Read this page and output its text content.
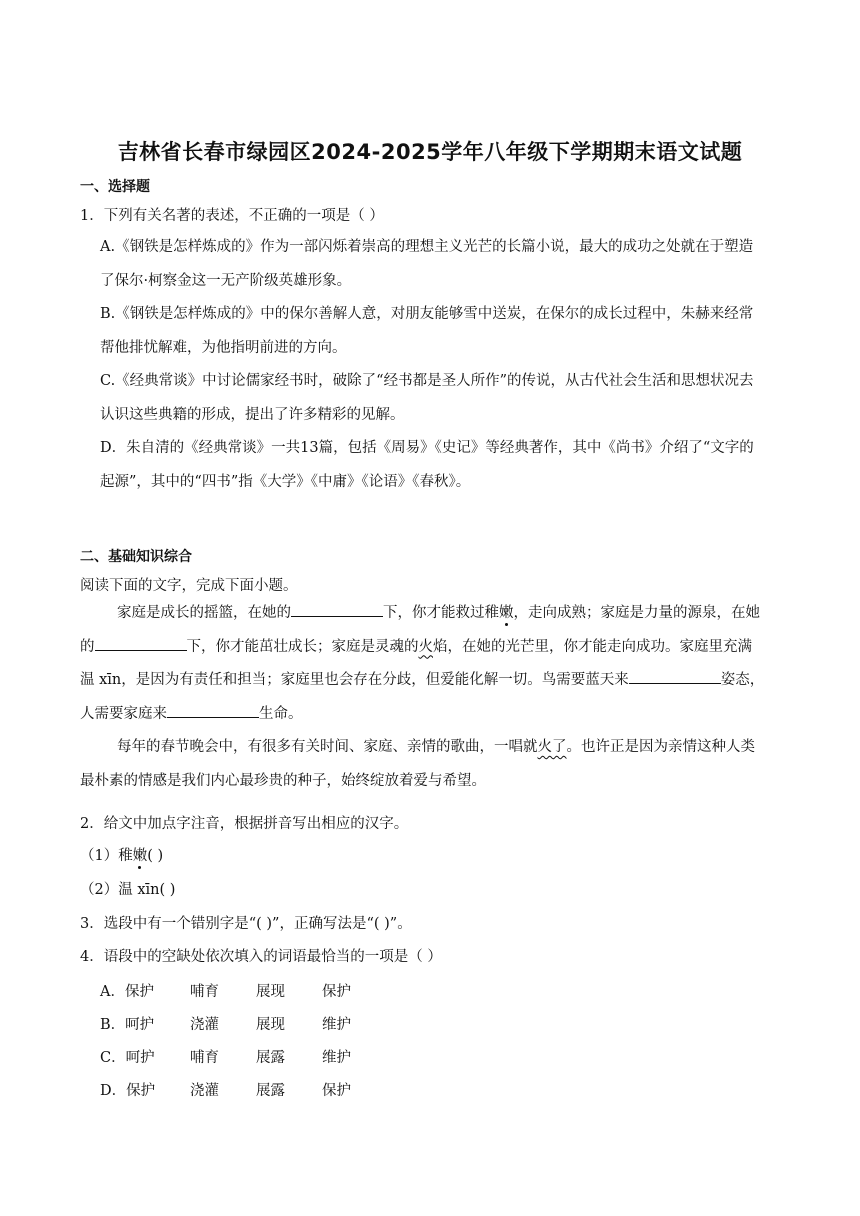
吉林省长春市绿园区2024-2025学年八年级下学期期末语文试题
一、选择题
1．下列有关名著的表述，不正确的一项是（ ）

A.《钢铁是怎样炼成的》作为一部闪烁着崇高的理想主义光芒的长篇小说，最大的成功之处就在于塑造

了保尔·柯察金这一无产阶级英雄形象。

B.《钢铁是怎样炼成的》中的保尔善解人意，对朋友能够雪中送炭，在保尔的成长过程中，朱赫来经常

帮他排忧解难，为他指明前进的方向。

C.《经典常谈》中讨论儒家经书时，破除了“经书都是圣人所作”的传说，从古代社会生活和思想状况去

认识这些典籍的形成，提出了许多精彩的见解。

D．朱自清的《经典常谈》一共13篇，包括《周易》《史记》等经典著作，其中《尚书》介绍了“文字的

起源”，其中的“四书”指《大学》《中庸》《论语》《春秋》。

二、基础知识综合
阅读下面的文字，完成下面小题。

家庭是成长的摇篮，在她的	下，你才能救过稚嫩，走向成熟；家庭是力量的源泉，在她

的	下，你才能茁壮成长；家庭是灵魂的火焰，在她的光芒里，你才能走向成功。家庭里充满

温 xīn，是因为有责任和担当；家庭里也会存在分歧，但爱能化解一切。鸟需要蓝天来	姿态，

人需要家庭来	生命。

每年的春节晚会中，有很多有关时间、家庭、亲情的歌曲，一唱就火了。也许正是因为亲情这种人类

最朴素的情感是我们内心最珍贵的种子，始终绽放着爱与希望。

2．给文中加点字注音，根据拼音写出相应的汉字。
（1）稚嫩( )
（2）温 xīn( )
3．选段中有一个错别字是“( )”，正确写法是“( )”。
4．语段中的空缺处依次填入的词语最恰当的一项是（ ）
A．保护 哺育	展现	保护
B．呵护 浇灌	展现	维护
C．呵护 哺育	展露	维护
D．保护 浇灌	展露	保护
